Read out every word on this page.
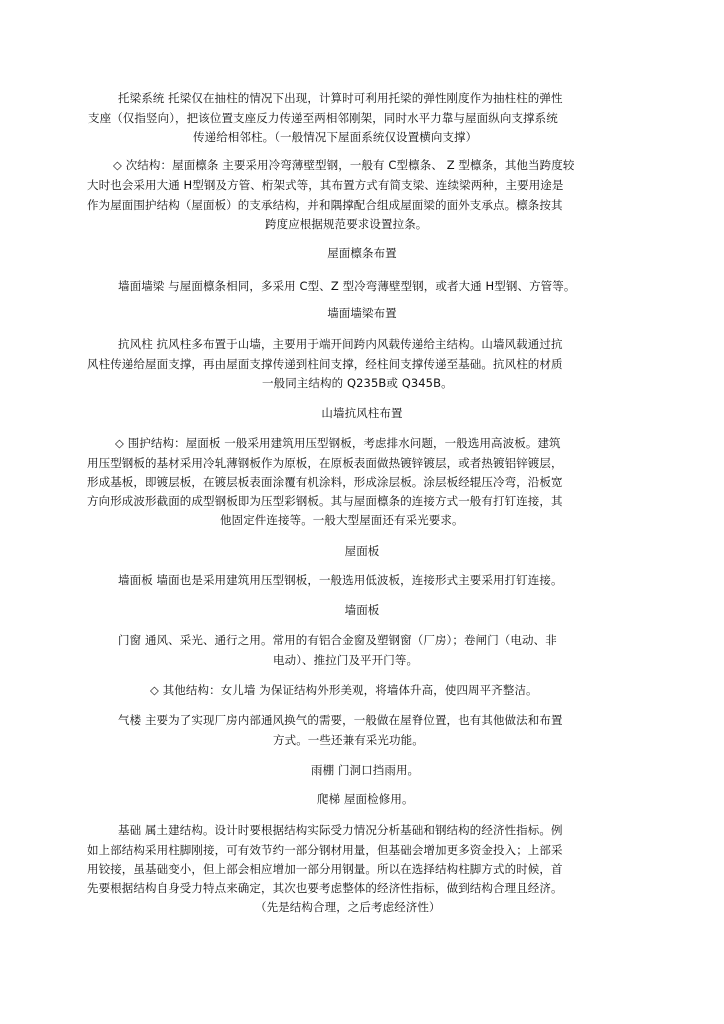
托梁系统 托梁仅在抽柱的情况下出现，计算时可利用托梁的弹性刚度作为抽柱柱的弹性
支座（仅指竖向），把该位置支座反力传递至两相邻刚架，同时水平力靠与屋面纵向支撑系统
传递给相邻柱。（一般情况下屋面系统仅设置横向支撑）
◇ 次结构：屋面檩条 主要采用冷弯薄壁型钢，一般有 C型檩条、 Z 型檩条，其他当跨度较
大时也会采用大通 H型钢及方管、桁架式等，其布置方式有简支梁、连续梁两种，主要用途是
作为屋面围护结构（屋面板）的支承结构，并和隅撑配合组成屋面梁的面外支承点。檩条按其
跨度应根据规范要求设置拉条。
屋面檩条布置
墙面墙梁 与屋面檩条相同，多采用 C型、Z 型冷弯薄壁型钢，或者大通 H型钢、方管等。
墙面墙梁布置
抗风柱 抗风柱多布置于山墙，主要用于端开间跨内风载传递给主结构。山墙风载通过抗
风柱传递给屋面支撑，再由屋面支撑传递到柱间支撑，经柱间支撑传递至基础。抗风柱的材质
一般同主结构的 Q235B或 Q345B。
山墙抗风柱布置
◇ 围护结构：屋面板 一般采用建筑用压型钢板，考虑排水问题，一般选用高波板。建筑
用压型钢板的基材采用冷轧薄钢板作为原板，在原板表面做热镀锌镀层，或者热镀铝锌镀层，
形成基板，即镀层板，在镀层板表面涂覆有机涂料，形成涂层板。涂层板经辊压冷弯，沿板宽
方向形成波形截面的成型钢板即为压型彩钢板。其与屋面檩条的连接方式一般有打钉连接，其
他固定件连接等。一般大型屋面还有采光要求。
屋面板
墙面板 墙面也是采用建筑用压型钢板，一般选用低波板，连接形式主要采用打钉连接。
墙面板
门窗 通风、采光、通行之用。常用的有铝合金窗及塑钢窗（厂房）；卷闸门（电动、非
电动）、推拉门及平开门等。
◇ 其他结构：女儿墙 为保证结构外形美观，将墙体升高，使四周平齐整洁。
气楼 主要为了实现厂房内部通风换气的需要，一般做在屋脊位置，也有其他做法和布置
方式。一些还兼有采光功能。
雨棚 门洞口挡雨用。
爬梯 屋面检修用。
基础 属土建结构。设计时要根据结构实际受力情况分析基础和钢结构的经济性指标。例
如上部结构采用柱脚刚接，可有效节约一部分钢材用量，但基础会增加更多资金投入；上部采
用铰接，虽基础变小，但上部会相应增加一部分用钢量。所以在选择结构柱脚方式的时候，首
先要根据结构自身受力特点来确定，其次也要考虑整体的经济性指标，做到结构合理且经济。
（先是结构合理，之后考虑经济性）
